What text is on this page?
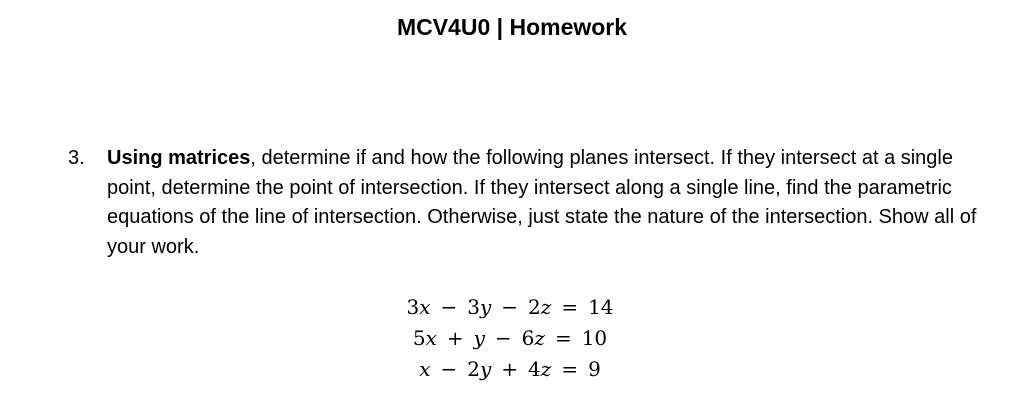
MCV4U0 | Homework
3. Using matrices, determine if and how the following planes intersect. If they intersect at a single point, determine the point of intersection. If they intersect along a single line, find the parametric equations of the line of intersection. Otherwise, just state the nature of the intersection. Show all of your work.
3x − 3y − 2z = 14
5x + y − 6z = 10
x − 2y + 4z = 9
